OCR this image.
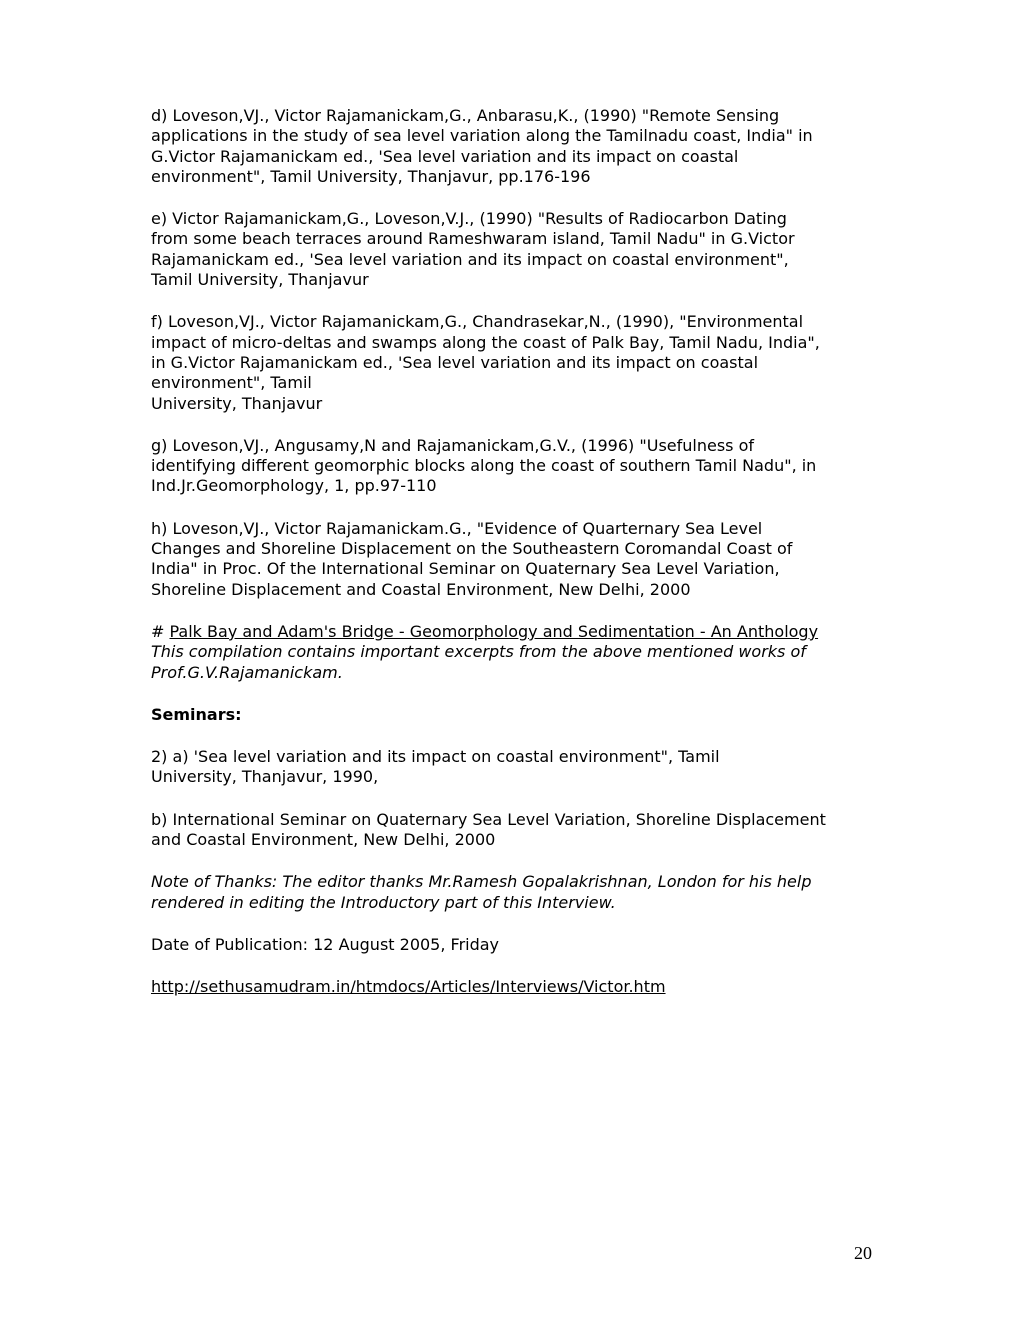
d) Loveson,VJ., Victor Rajamanickam,G., Anbarasu,K., (1990) "Remote Sensing
applications in the study of sea level variation along the Tamilnadu coast, India" in
G.Victor Rajamanickam ed., 'Sea level variation and its impact on coastal
environment", Tamil University, Thanjavur, pp.176-196

e) Victor Rajamanickam,G., Loveson,V.J., (1990) "Results of Radiocarbon Dating
from some beach terraces around Rameshwaram island, Tamil Nadu" in G.Victor
Rajamanickam ed., 'Sea level variation and its impact on coastal environment",
Tamil University, Thanjavur

f) Loveson,VJ., Victor Rajamanickam,G., Chandrasekar,N., (1990), "Environmental
impact of micro-deltas and swamps along the coast of Palk Bay, Tamil Nadu, India",
in G.Victor Rajamanickam ed., 'Sea level variation and its impact on coastal
environment", Tamil
University, Thanjavur

g) Loveson,VJ., Angusamy,N and Rajamanickam,G.V., (1996) "Usefulness of
identifying different geomorphic blocks along the coast of southern Tamil Nadu", in
Ind.Jr.Geomorphology, 1, pp.97-110

h) Loveson,VJ., Victor Rajamanickam.G., "Evidence of Quarternary Sea Level
Changes and Shoreline Displacement on the Southeastern Coromandal Coast of
India" in Proc. Of the International Seminar on Quaternary Sea Level Variation,
Shoreline Displacement and Coastal Environment, New Delhi, 2000

# Palk Bay and Adam's Bridge - Geomorphology and Sedimentation - An Anthology
This compilation contains important excerpts from the above mentioned works of
Prof.G.V.Rajamanickam.

Seminars:

2) a) 'Sea level variation and its impact on coastal environment", Tamil
University, Thanjavur, 1990,

b) International Seminar on Quaternary Sea Level Variation, Shoreline Displacement
and Coastal Environment, New Delhi, 2000

Note of Thanks: The editor thanks Mr.Ramesh Gopalakrishnan, London for his help
rendered in editing the Introductory part of this Interview.

Date of Publication: 12 August 2005, Friday

http://sethusamudram.in/htmdocs/Articles/Interviews/Victor.htm

20
